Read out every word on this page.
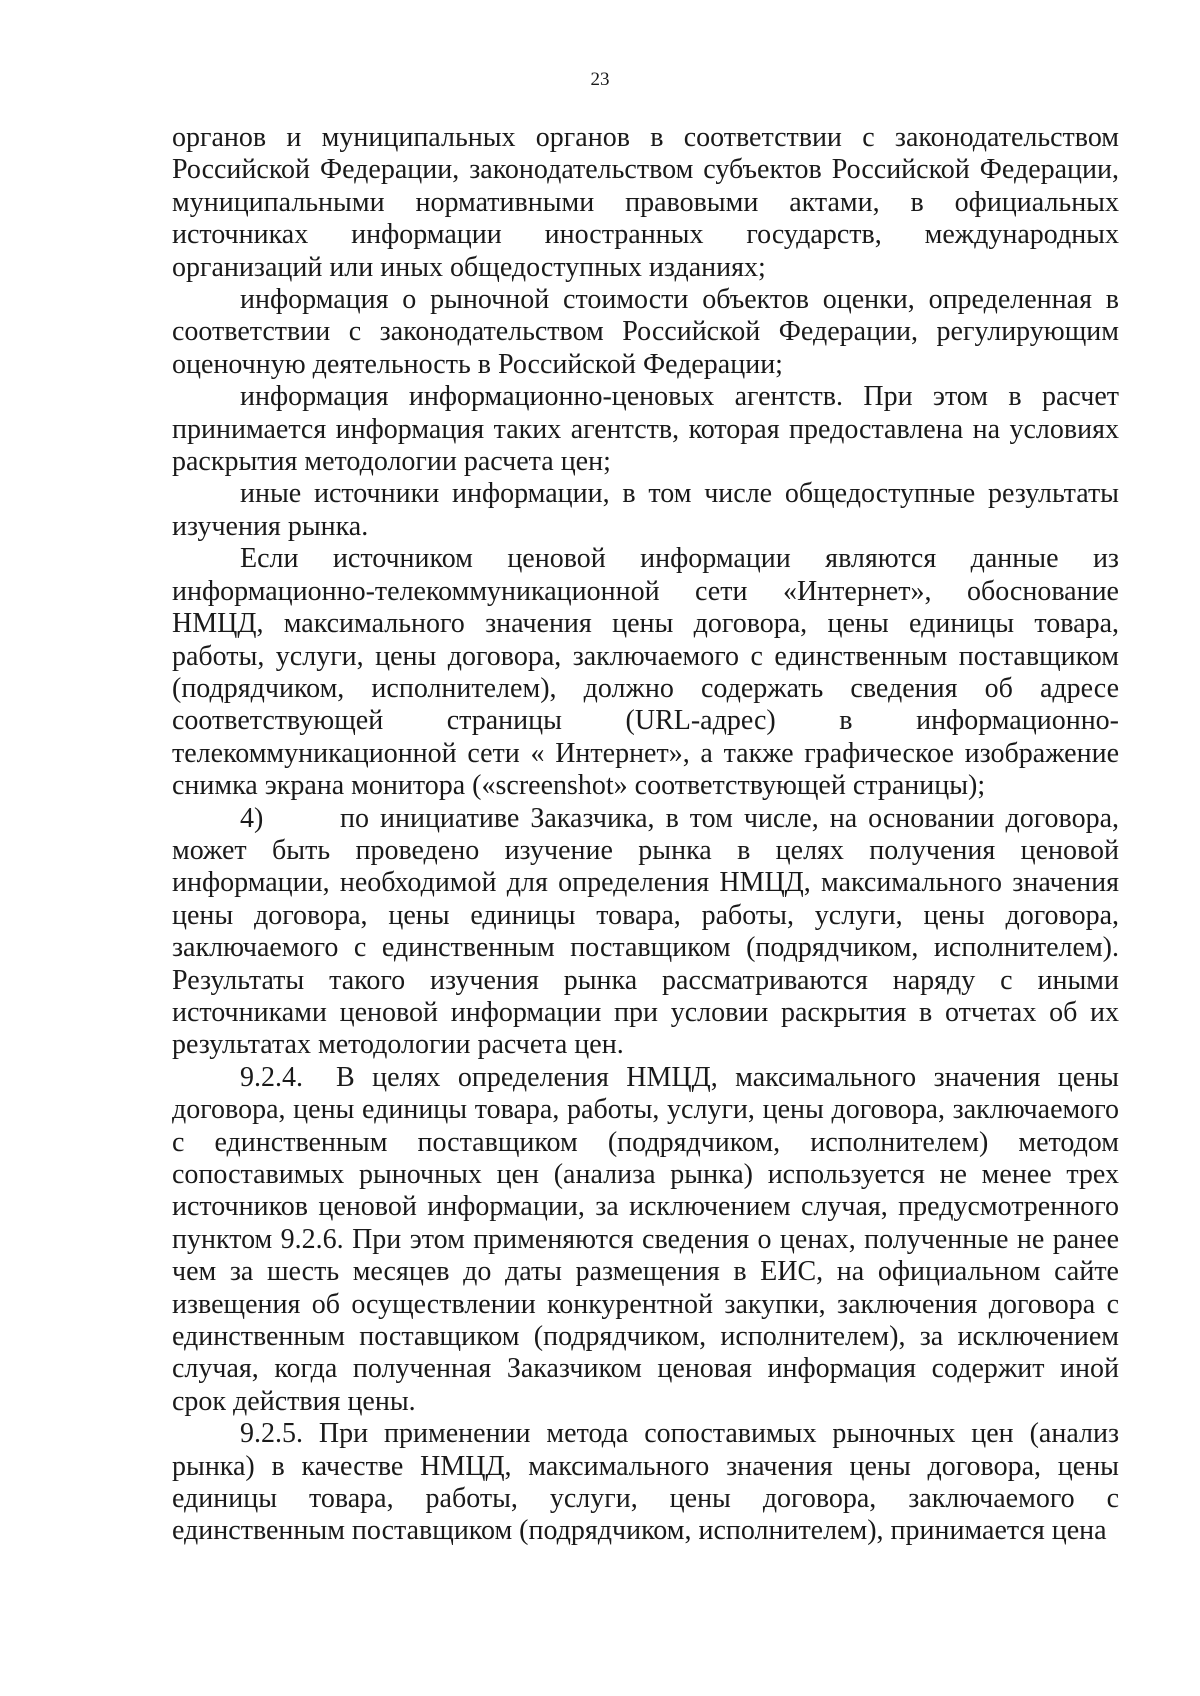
23

органов и муниципальных органов в соответствии с законодательством Российской Федерации, законодательством субъектов Российской Федерации, муниципальными нормативными правовыми актами, в официальных источниках информации иностранных государств, международных организаций или иных общедоступных изданиях;

информация о рыночной стоимости объектов оценки, определенная в соответствии с законодательством Российской Федерации, регулирующим оценочную деятельность в Российской Федерации;

информация информационно-ценовых агентств. При этом в расчет принимается информация таких агентств, которая предоставлена на условиях раскрытия методологии расчета цен;

иные источники информации, в том числе общедоступные результаты изучения рынка.

Если источником ценовой информации являются данные из информационно-телекоммуникационной сети «Интернет», обоснование НМЦД, максимального значения цены договора, цены единицы товара, работы, услуги, цены договора, заключаемого с единственным поставщиком (подрядчиком, исполнителем), должно содержать сведения об адресе соответствующей страницы (URL-адрес) в информационно-телекоммуникационной сети « Интернет», а также графическое изображение снимка экрана монитора («screenshot» соответствующей страницы);

4)	по инициативе Заказчика, в том числе, на основании договора, может быть проведено изучение рынка в целях получения ценовой информации, необходимой для определения НМЦД, максимального значения цены договора, цены единицы товара, работы, услуги, цены договора, заключаемого с единственным поставщиком (подрядчиком, исполнителем). Результаты такого изучения рынка рассматриваются наряду с иными источниками ценовой информации при условии раскрытия в отчетах об их результатах методологии расчета цен.

9.2.4. В целях определения НМЦД, максимального значения цены договора, цены единицы товара, работы, услуги, цены договора, заключаемого с единственным поставщиком (подрядчиком, исполнителем) методом сопоставимых рыночных цен (анализа рынка) используется не менее трех источников ценовой информации, за исключением случая, предусмотренного пунктом 9.2.6. При этом применяются сведения о ценах, полученные не ранее чем за шесть месяцев до даты размещения в ЕИС, на официальном сайте извещения об осуществлении конкурентной закупки, заключения договора с единственным поставщиком (подрядчиком, исполнителем), за исключением случая, когда полученная Заказчиком ценовая информация содержит иной срок действия цены.

9.2.5. При применении метода сопоставимых рыночных цен (анализ рынка) в качестве НМЦД, максимального значения цены договора, цены единицы товара, работы, услуги, цены договора, заключаемого с единственным поставщиком (подрядчиком, исполнителем), принимается цена
